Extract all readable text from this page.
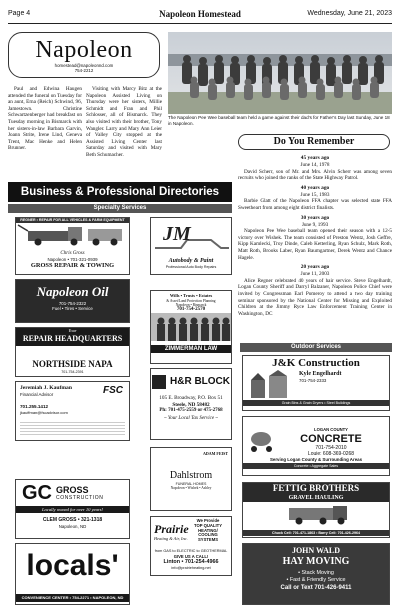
Page 4	Napoleon Homestead	Wednesday, June 21, 2023
Napoleon
homestead@napoleonnd.com
754-2212
Paul and Edwina Haugen attended the funeral on Tuesday for an aunt, Erna (Reich) Schwind, 96, Jamestown. Christine Schwartzenberger had breakfast on Tuesday morning in Bismarck with her sisters-in-law Barbara Garvin, Joann Strite, Irene Lind, Geneva Trent, Mac Henke and Helen Brunner.
Visiting with Marcy Bitz at the Napoleon Assisted Living on Thursday were her sisters, Millie Schmidt and Fran and Phil Schlosser, all of Bismarck. They also visited with their brother, Tony Wangler. Larry and Mary Ann Leier of Valley City stopped at the Assisted Living Center last Saturday and visited with Mary Beth Schumacher.
The Napoleon Pee Wee baseball team held a game against their dad’s for Father’s Day last Sunday, June 18 in Napoleon.
Do You Remember
45 years ago
June 14, 1978
David Scherr, son of Mr. and Mrs. Alvin Scherr was among seven recruits who joined the ranks of the State Highway Patrol.
40 years ago
June 15, 1983
Barbie Glatt of the Napoleon FFA chapter was selected state FFA Sweetheart from among eight district finalists.
30 years ago
June 9, 1993
Napoleon Pee Wee baseball team opened their season with a 12-5 victory over Wishek. The team consisted of Preston Wentz, Josh Geffre, Kipp Kamlecki, Troy Dinde, Caleb Ketterling, Ryan Schulz, Mark Roth, Matt Roth, Brooks Laber, Ryan Baumgartner, Derek Wentz and Chance Hagele.
20 years ago
June 11, 2003
Alice Regner celebrated 40 years of hair service. Steve Engelhardt, Logan County Sheriff and Darryl Balzaner, Napoleon Police Chief were invited by Congressman Earl Pomeroy to attend a two day training seminar sponsored by the National Center for Missing and Exploited Children at the Jimmy Ryce Law Enforcement Training Center in Washington, DC
Business & Professional Directories
Specialty Services
REGNER • REPAIR FOR ALL VEHICLES & FARM EQUIPMENT
Chris Gross
Napoleon • 701-321-0939
GROSS REPAIR & TOWING
JM
Autobody & Paint
Professional Auto Body Repairs
Napoleon Oil
701-754-2322
Fuel • Tires • Service
Wills • Trusts • Estates
& Asset/Land Protection Planning
Napoleon • Bismarck
701-754-2570
ZIMMERMAN LAW
Your
REPAIR HEADQUARTERS
NORTHSIDE NAPA
701-754-2391
H&R BLOCK
105 E. Broadway, P.O. Box 51
Steele, ND 58482
Ph: 701-475-2559 or 475-2768
~ Your Local Tax Service ~
Jeremiah J. Kaufman
Financial Advisor
701.255.1412
jkauffman@fscadvisor.com
FSC
ADAM FEIST
Dahlstrom
FUNERAL HOMES
Napoleon • Wishek • Ashley
GC GROSS
CONSTRUCTION
Locally owned for over 10 years!
CLEM GROSS • 321-1318
Napoleon, ND
We Provide
TOP QUALITY
HEATING/
COOLING
SYSTEMS
Prairie
Heating & Air, Inc.
from GAS to ELECTRIC to GEOTHERMAL
GIVE US A CALL!
Linton • 701-254-4966
info@prairieheating.net
locals'
CONVENIENCE CENTER • 754-2271 • NAPOLEON, ND
Outdoor Services
J&K Construction
Kyle Engelhardt
701-754-2333
Grain Bins & Grain Dryers • Steel Buildings
LOGAN COUNTY
CONCRETE
701-754-2010
Louie: 608-369-0268
Serving Logan County & Surrounding Areas
Concrete • Aggregate Sales
FETTIG BROTHERS
GRAVEL HAULING
Chuck Cell: 701-471-1863 • Barry Cell: 701-426-2964
JOHN WALD
HAY MOVING
• Stack Moving
• Fast & Friendly Service
Call or Text 701-426-9411
